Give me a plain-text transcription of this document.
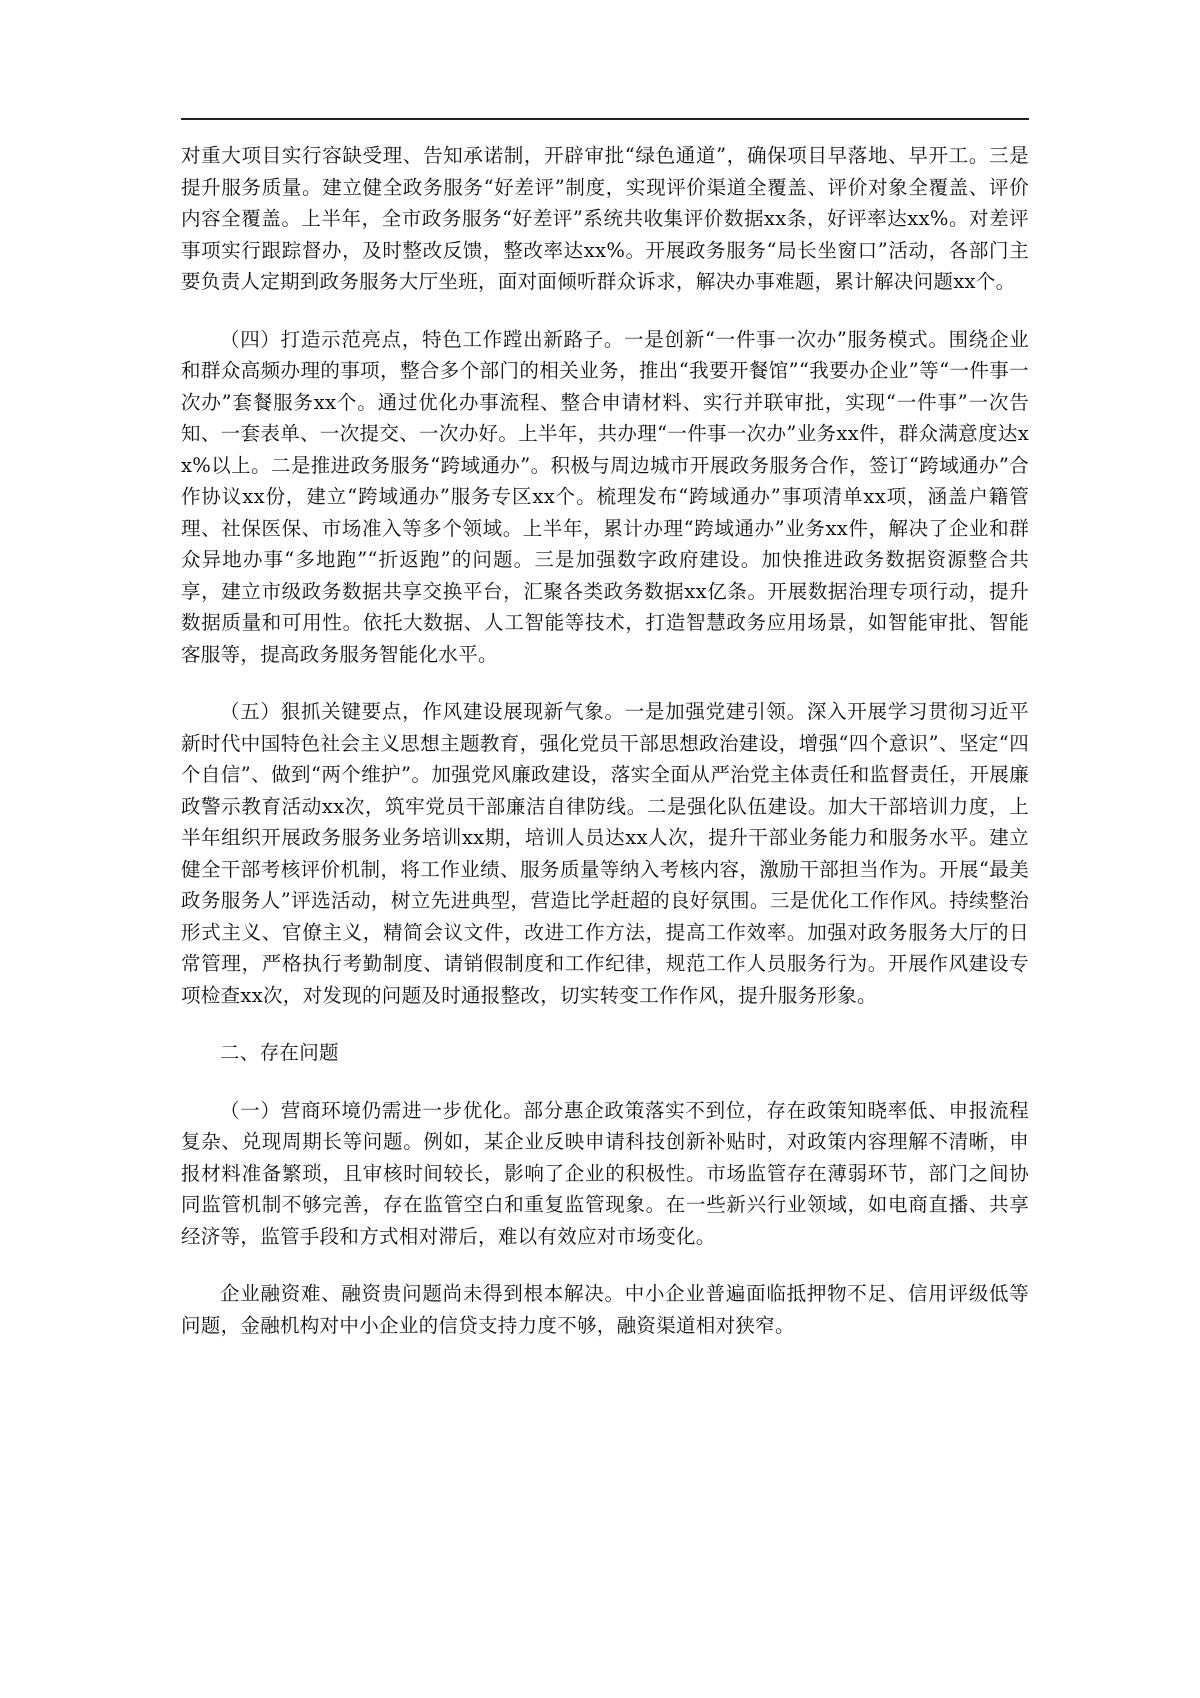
对重大项目实行容缺受理、告知承诺制，开辟审批“绿色通道”，确保项目早落地、早开工。三是提升服务质量。建立健全政务服务“好差评”制度，实现评价渠道全覆盖、评价对象全覆盖、评价内容全覆盖。上半年，全市政务服务“好差评”系统共收集评价数据xx条，好评率达xx%。对差评事项实行跟踪督办，及时整改反馈，整改率达xx%。开展政务服务“局长坐窗口”活动，各部门主要负责人定期到政务服务大厅坐班，面对面倾听群众诉求，解决办事难题，累计解决问题xx个。

（四）打造示范亮点，特色工作蹚出新路子。一是创新“一件事一次办”服务模式。围绕企业和群众高频办理的事项，整合多个部门的相关业务，推出“我要开餐馆”“我要办企业”等“一件事一次办”套餐服务xx个。通过优化办事流程、整合申请材料、实行并联审批，实现“一件事”一次告知、一套表单、一次提交、一次办好。上半年，共办理“一件事一次办”业务xx件，群众满意度达xx%以上。二是推进政务服务“跨域通办”。积极与周边城市开展政务服务合作，签订“跨域通办”合作协议xx份，建立“跨域通办”服务专区xx个。梳理发布“跨域通办”事项清单xx项，涵盖户籍管理、社保医保、市场准入等多个领域。上半年，累计办理“跨域通办”业务xx件，解决了企业和群众异地办事“多地跑”“折返跑”的问题。三是加强数字政府建设。加快推进政务数据资源整合共享，建立市级政务数据共享交换平台，汇聚各类政务数据xx亿条。开展数据治理专项行动，提升数据质量和可用性。依托大数据、人工智能等技术，打造智慧政务应用场景，如智能审批、智能客服等，提高政务服务智能化水平。

（五）狠抓关键要点，作风建设展现新气象。一是加强党建引领。深入开展学习贯彻习近平新时代中国特色社会主义思想主题教育，强化党员干部思想政治建设，增强“四个意识”、坚定“四个自信”、做到“两个维护”。加强党风廉政建设，落实全面从严治党主体责任和监督责任，开展廉政警示教育活动xx次，筑牢党员干部廉洁自律防线。二是强化队伍建设。加大干部培训力度，上半年组织开展政务服务业务培训xx期，培训人员达xx人次，提升干部业务能力和服务水平。建立健全干部考核评价机制，将工作业绩、服务质量等纳入考核内容，激励干部担当作为。开展“最美政务服务人”评选活动，树立先进典型，营造比学赶超的良好氛围。三是优化工作作风。持续整治形式主义、官僚主义，精简会议文件，改进工作方法，提高工作效率。加强对政务服务大厅的日常管理，严格执行考勤制度、请销假制度和工作纪律，规范工作人员服务行为。开展作风建设专项检查xx次，对发现的问题及时通报整改，切实转变工作作风，提升服务形象。

二、存在问题

（一）营商环境仍需进一步优化。部分惠企政策落实不到位，存在政策知晓率低、申报流程复杂、兑现周期长等问题。例如，某企业反映申请科技创新补贴时，对政策内容理解不清晰，申报材料准备繁琐，且审核时间较长，影响了企业的积极性。市场监管存在薄弱环节，部门之间协同监管机制不够完善，存在监管空白和重复监管现象。在一些新兴行业领域，如电商直播、共享经济等，监管手段和方式相对滞后，难以有效应对市场变化。

企业融资难、融资贵问题尚未得到根本解决。中小企业普遍面临抵押物不足、信用评级低等问题，金融机构对中小企业的信贷支持力度不够，融资渠道相对狭窄。
